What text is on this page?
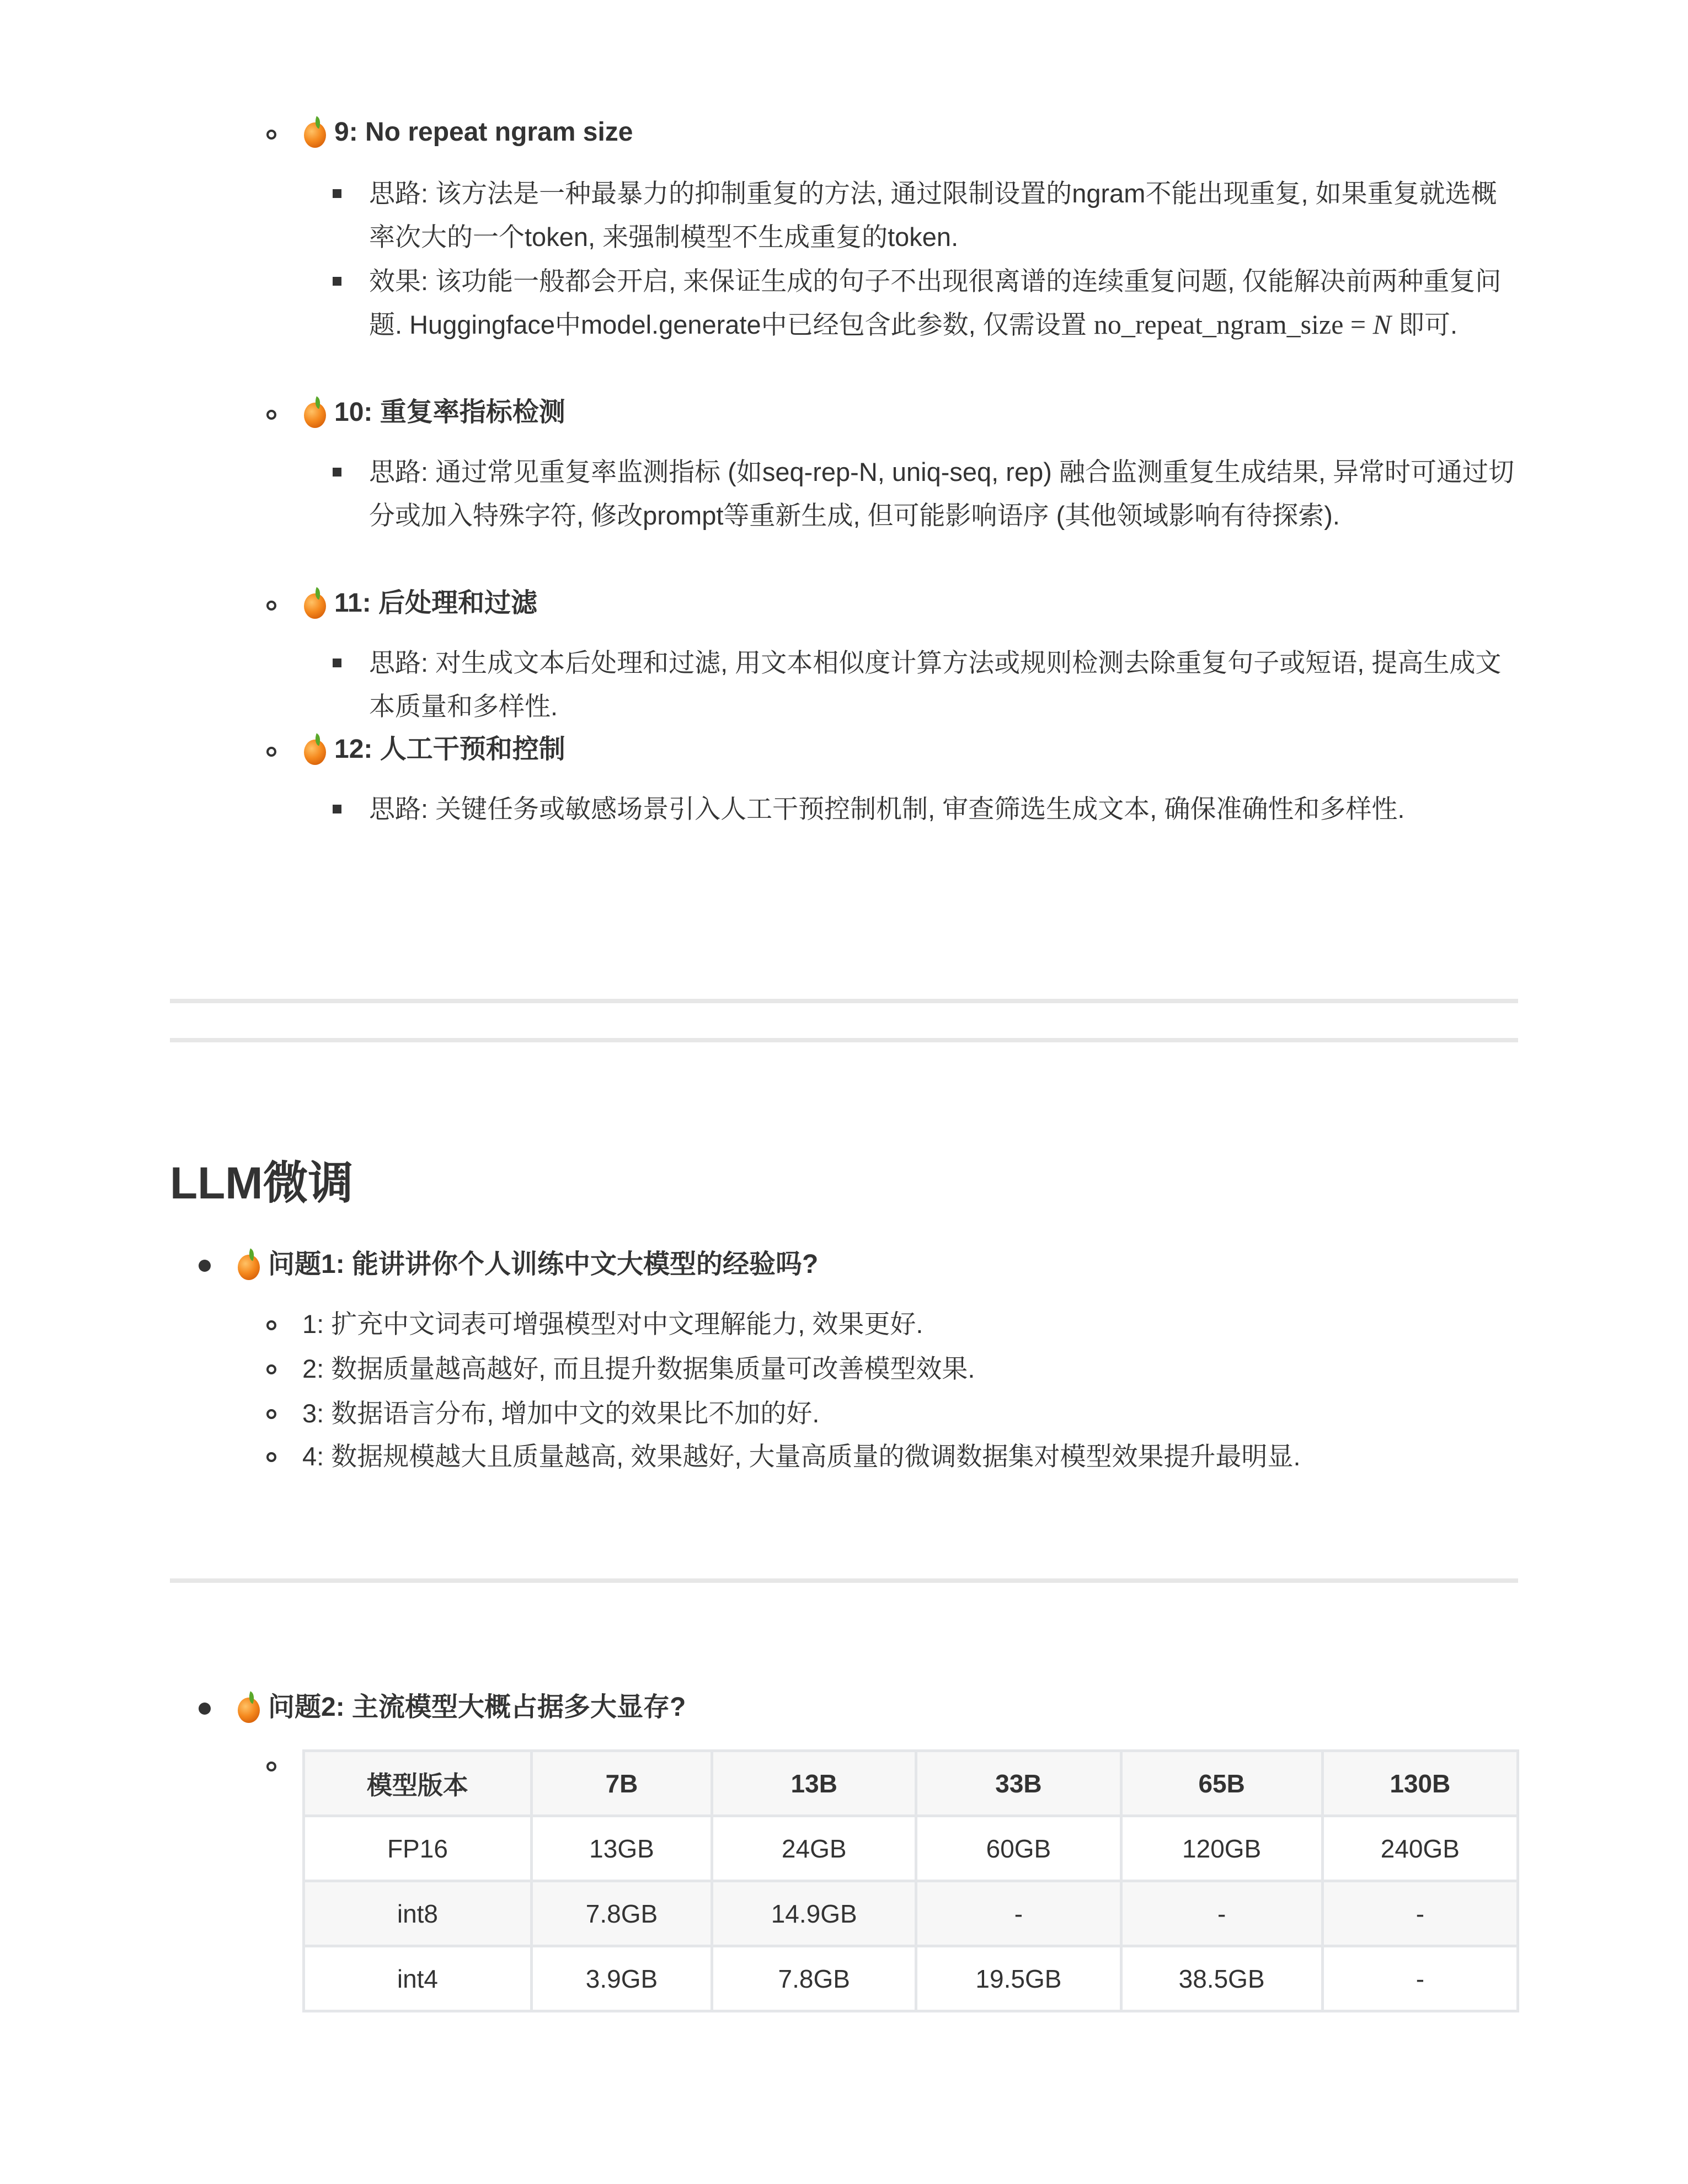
9: No repeat ngram size
思路: 该方法是一种最暴力的抑制重复的方法, 通过限制设置的ngram不能出现重复, 如果重复就选概率次大的一个token, 来强制模型不生成重复的token.
效果: 该功能一般都会开启, 来保证生成的句子不出现很离谱的连续重复问题, 仅能解决前两种重复问题. Huggingface中model.generate中已经包含此参数, 仅需设置 no_repeat_ngram_size = N 即可.
10: 重复率指标检测
思路: 通过常见重复率监测指标 (如seq-rep-N, uniq-seq, rep) 融合监测重复生成结果, 异常时可通过切分或加入特殊字符, 修改prompt等重新生成, 但可能影响语序 (其他领域影响有待探索).
11: 后处理和过滤
思路: 对生成文本后处理和过滤, 用文本相似度计算方法或规则检测去除重复句子或短语, 提高生成文本质量和多样性.
12: 人工干预和控制
思路: 关键任务或敏感场景引入人工干预控制机制, 审查筛选生成文本, 确保准确性和多样性.
LLM微调
问题1: 能讲讲你个人训练中文大模型的经验吗?
1: 扩充中文词表可增强模型对中文理解能力, 效果更好.
2: 数据质量越高越好, 而且提升数据集质量可改善模型效果.
3: 数据语言分布, 增加中文的效果比不加的好.
4: 数据规模越大且质量越高, 效果越好, 大量高质量的微调数据集对模型效果提升最明显.
问题2: 主流模型大概占据多大显存?
模型版本	7B	13B	33B	65B	130B
FP16	13GB	24GB	60GB	120GB	240GB
int8	7.8GB	14.9GB	-	-	-
int4	3.9GB	7.8GB	19.5GB	38.5GB	-
